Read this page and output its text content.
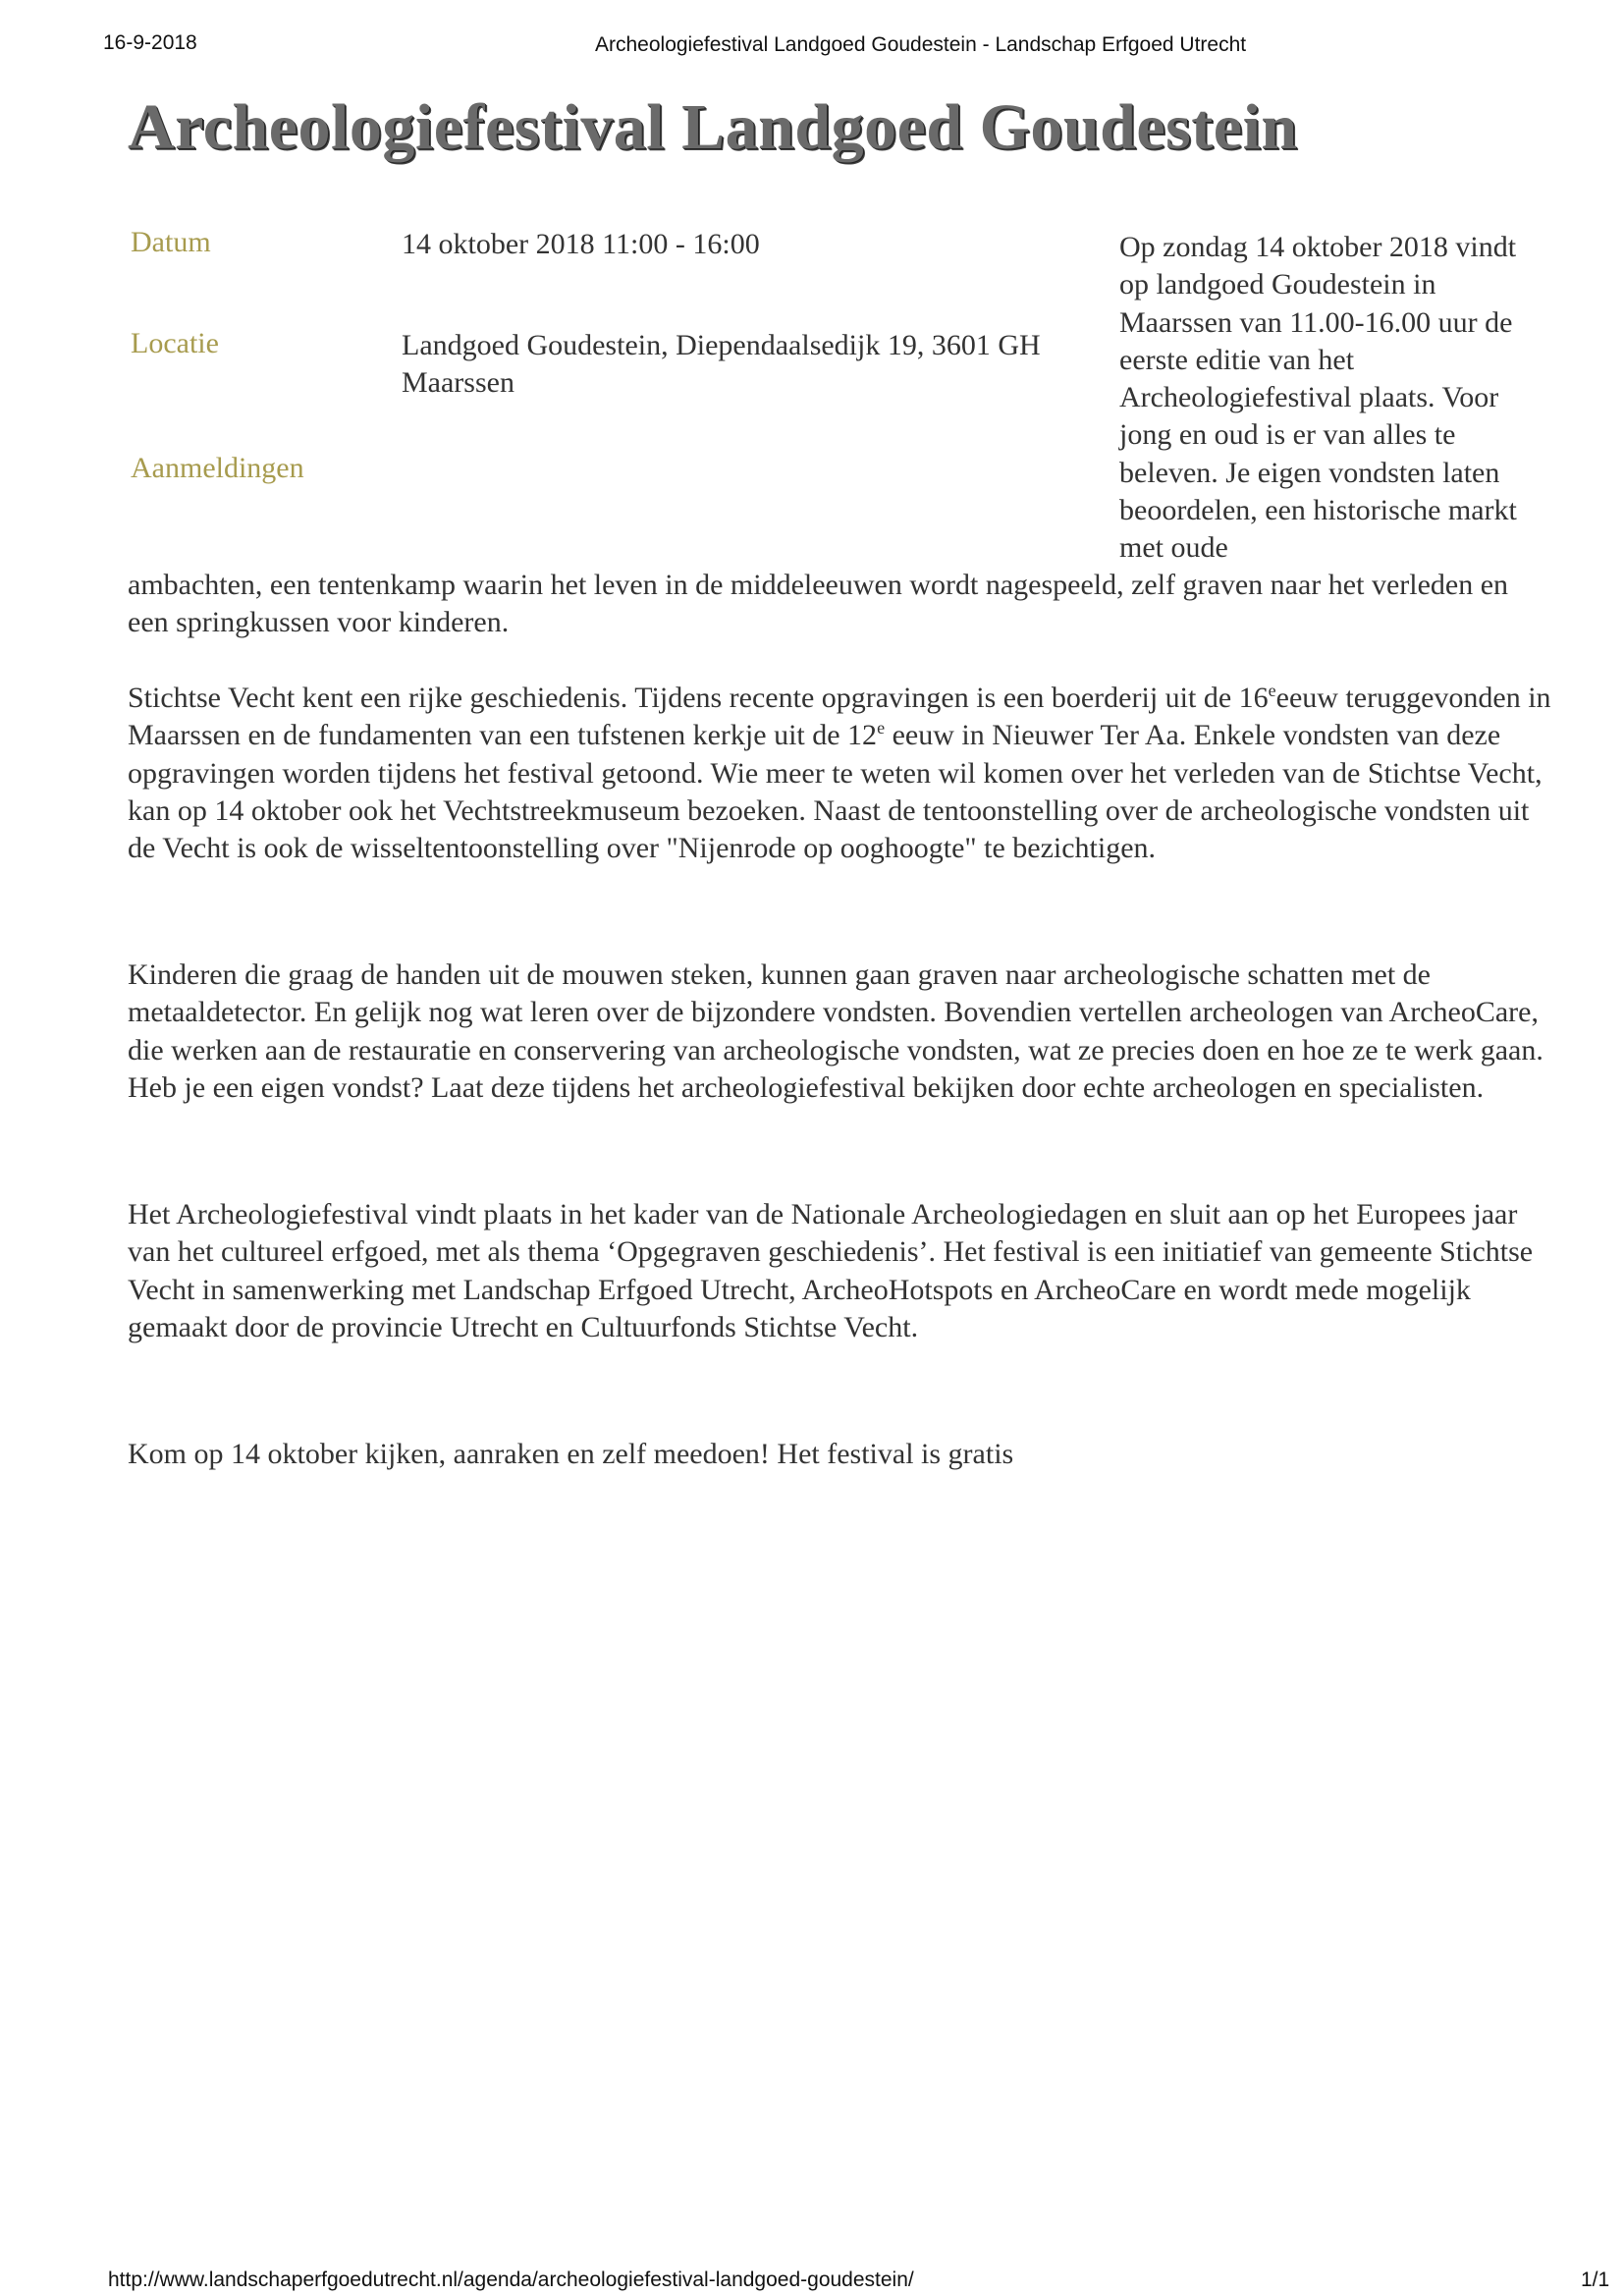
16-9-2018	Archeologiefestival Landgoed Goudestein - Landschap Erfgoed Utrecht
Archeologiefestival Landgoed Goudestein
Datum	14 oktober 2018 11:00 - 16:00
Locatie	Landgoed Goudestein, Diependaalsedijk 19, 3601 GH Maarssen
Aanmeldingen
Op zondag 14 oktober 2018 vindt op landgoed Goudestein in Maarssen van 11.00-16.00 uur de eerste editie van het Archeologiefestival plaats. Voor jong en oud is er van alles te beleven. Je eigen vondsten laten beoordelen, een historische markt met oude

ambachten, een tentenkamp waarin het leven in de middeleeuwen wordt nagespeeld, zelf graven naar het verleden en een springkussen voor kinderen.

Stichtse Vecht kent een rijke geschiedenis. Tijdens recente opgravingen is een boerderij uit de 16eeeuw teruggevonden in Maarssen en de fundamenten van een tufstenen kerkje uit de 12e eeuw in Nieuwer Ter Aa. Enkele vondsten van deze opgravingen worden tijdens het festival getoond. Wie meer te weten wil komen over het verleden van de Stichtse Vecht, kan op 14 oktober ook het Vechtstreekmuseum bezoeken. Naast de tentoonstelling over de archeologische vondsten uit de Vecht is ook de wisseltentoonstelling over "Nijenrode op ooghoogte" te bezichtigen.

Kinderen die graag de handen uit de mouwen steken, kunnen gaan graven naar archeologische schatten met de metaaldetector. En gelijk nog wat leren over de bijzondere vondsten. Bovendien vertellen archeologen van ArcheoCare, die werken aan de restauratie en conservering van archeologische vondsten, wat ze precies doen en hoe ze te werk gaan. Heb je een eigen vondst? Laat deze tijdens het archeologiefestival bekijken door echte archeologen en specialisten.

Het Archeologiefestival vindt plaats in het kader van de Nationale Archeologiedagen en sluit aan op het Europees jaar van het cultureel erfgoed, met als thema ‘Opgegraven geschiedenis’. Het festival is een initiatief van gemeente Stichtse Vecht in samenwerking met Landschap Erfgoed Utrecht, ArcheoHotspots en ArcheoCare en wordt mede mogelijk gemaakt door de provincie Utrecht en Cultuurfonds Stichtse Vecht.

Kom op 14 oktober kijken, aanraken en zelf meedoen! Het festival is gratis

http://www.landschaperfgoedutrecht.nl/agenda/archeologiefestival-landgoed-goudestein/	1/1
